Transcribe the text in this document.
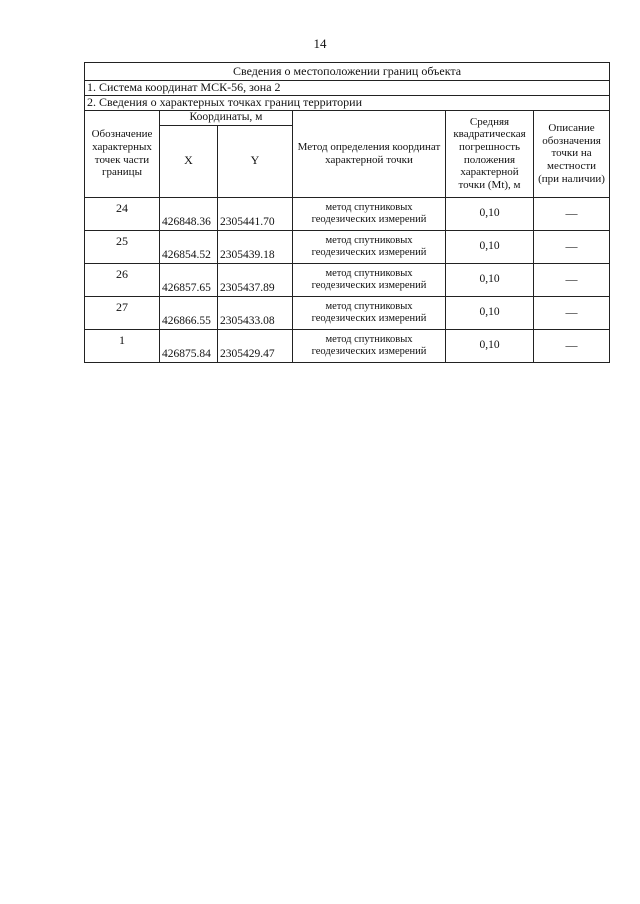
14
Сведения о местоположении границ объекта					
1. Система координат МСК-56, зона 2					
2. Сведения о характерных точках границ территории					
Обозначение характерных точек части границы	Координаты, м		Метод определения координат характерной точки	Средняя квадратическая погрешность положения характерной точки (Mt), м	Описание обозначения точки на местности (при наличии)
	X	Y			
24	426848.36	2305441.70	метод спутниковых геодезических измерений	0,10	—
25	426854.52	2305439.18	метод спутниковых геодезических измерений	0,10	—
26	426857.65	2305437.89	метод спутниковых геодезических измерений	0,10	—
27	426866.55	2305433.08	метод спутниковых геодезических измерений	0,10	—
1	426875.84	2305429.47	метод спутниковых геодезических измерений	0,10	—
